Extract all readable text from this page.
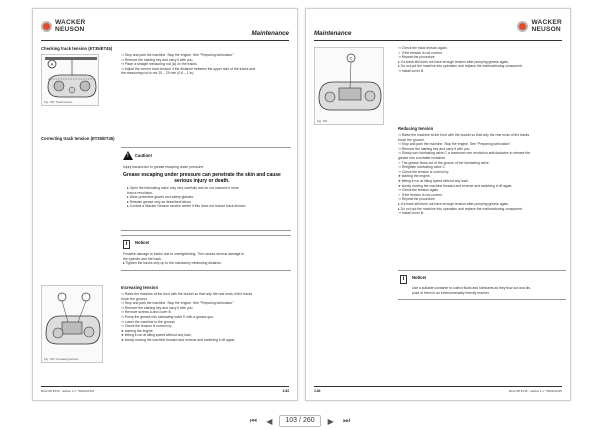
WACKER
NEUSON
Maintenance
Checking track tension (ET35/ET45)
A
Fig. 700: Track tension
⇒ Stop and park the machine. Stop the engine. See "Preparing lubrication".
⇒ Remove the starting key and carry it with you.
⇒ Place a straight measuring rod (A) on the tracks.
⇒ Adjust the correct track tension if the distance between the upper side of the tracks and
the measuring rod is not 20 – 25 mm (0.8 – 1 in).
Correcting track tension (ET35/ET45)
!
Caution!
Injury hazard due to grease escaping under pressure!
Grease escaping under pressure can penetrate the skin and cause
serious injury or death.
▸ Open the lubricating valve only very carefully and do not unscrew it more
than a revolution.
▸ Wear protective gloves and safety glasses.
▸ Release grease only as described below.
▸ Contact a Wacker Neuson service center if this does not reduce track tension.
i	Notice!
Possible damage to tracks due to overtightening. This causes serious damage to
the cylinder and the track.
▸ Tighten the tracks only up to the mandatory measuring distance.
Fig. 701: Increasing tension
Increasing tension
⇒ Raise the machine at the front with the bucket so that only the rear ends of the tracks
touch the ground.
⇒ Stop and park the machine. Stop the engine. See "Preparing lubrication".
⇒ Remove the starting key and carry it with you.
⇒ Remove screws A and cover B.
⇒ Pump the grease into lubricating valve E with a grease gun.
⇒ Lower the machine to the ground.
⇒ Check the tension is correct by:
➤ starting the engine,
➤ letting it run at idling speed without any load,
➤ slowly moving the machine forward and reverse and switching it off again.
BA ET35 ET45 – Edition 1.1 * 5000010125	3-83
Maintenance
WACKER
NEUSON
C
Fig. 702:
⇒ Check the track tension again.
✓ If the tension is not correct:
⇒ Repeat the procedure.
▸ If a track still does not have enough tension after pumping grease again,
▸ Do not put the machine into operation and replace the malfunctioning component.
⇒ Install cover B.
Reducing tension
⇒ Raise the machine at the front with the bucket so that only the rear ends of the tracks
touch the ground.
⇒ Stop and park the machine. Stop the engine. See "Preparing lubrication".
⇒ Remove the starting key and carry it with you.
⇒ Slowly turn lubricating valve C a maximum one revolution anticlockwise to release the
grease into a suitable container.
✓ The grease flows out of the groove of the lubricating valve.
⇒ Retighten lubricating valve C.
⇒ Check the tension is correct by:
➤ starting the engine,
➤ letting it run at idling speed without any load,
➤ slowly moving the machine forward and reverse and switching it off again.
⇒ Check the tension again.
✓ If the tension is not correct:
⇒ Repeat the procedure.
▸ If a track still does not have enough tension after pumping grease again,
▸ Do not put the machine into operation and replace the malfunctioning component.
⇒ Install cover B.
i	Notice!
Use a suitable container to collect fluids and lubricants as they flow out and dis-
pose of them in an environmentally friendly manner.
3-84	BA ET35 ET45 – Edition 1.1 * 5000010125
⏮	◀	103 / 260	▶	⏭
